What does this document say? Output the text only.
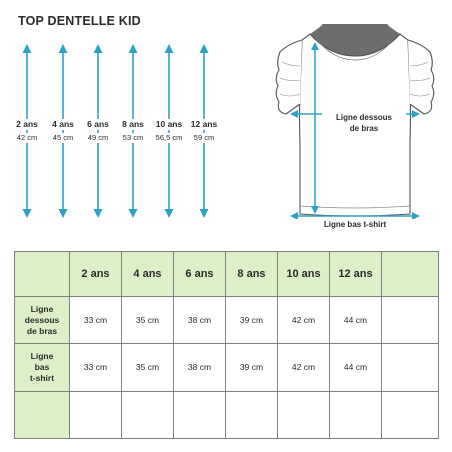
TOP DENTELLE KID
2 ans
42 cm
4 ans
45 cm
6 ans
49 cm
8 ans
53 cm
10 ans
56,5 cm
12 ans
59 cm
Ligne dessous
de bras
Ligne bas t-shirt
	2 ans	4 ans	6 ans	8 ans	10 ans	12 ans	

Ligne
dessous
de bras	33 cm	35 cm	38 cm	39 cm	42 cm	44 cm	

Ligne
bas
t-shirt	33 cm	35 cm	38 cm	39 cm	42 cm	44 cm	
